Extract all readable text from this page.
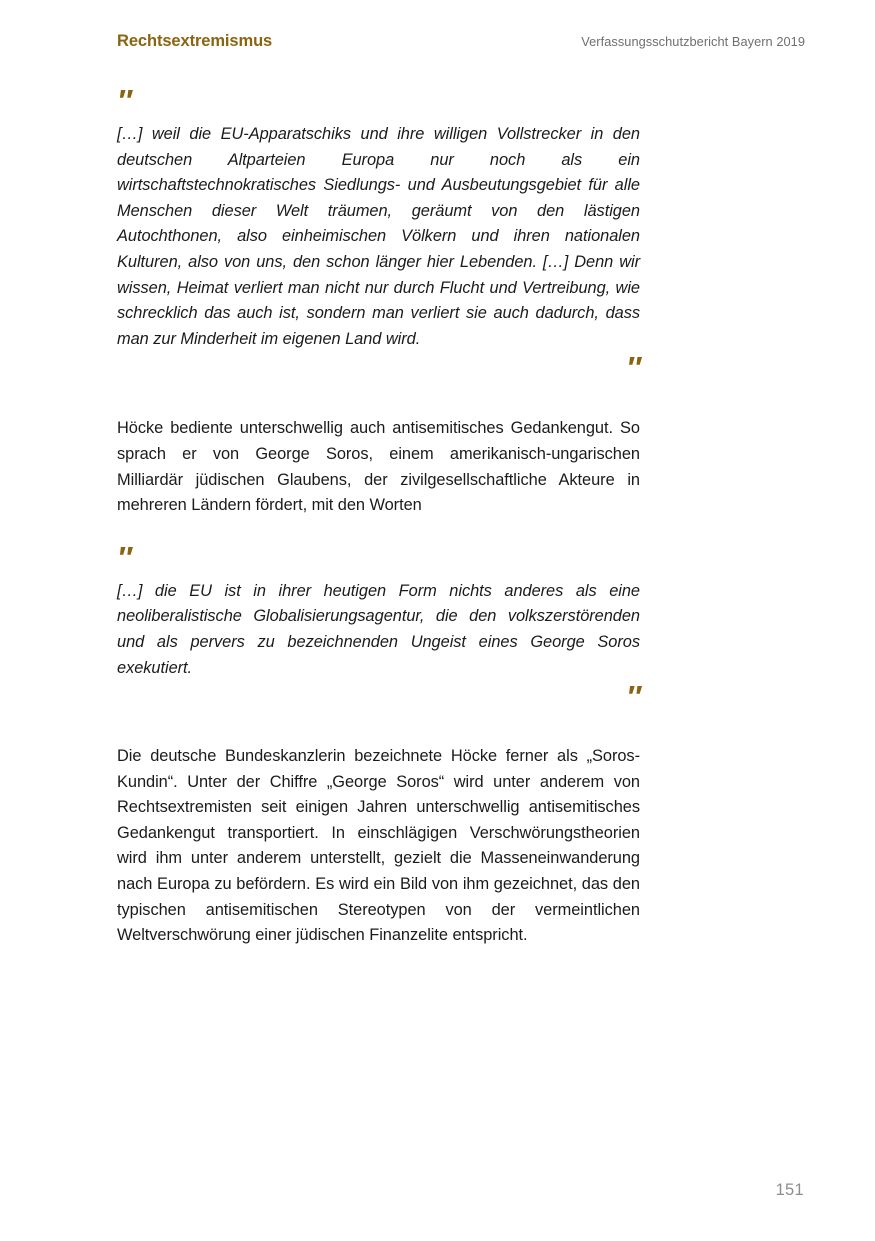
Rechtsextremismus	Verfassungsschutzbericht Bayern 2019
″

[…] weil die EU-Apparatschiks und ihre willigen Vollstrecker in den deutschen Altparteien Europa nur noch als ein wirtschaftstechnokratisches Siedlungs- und Ausbeutungsgebiet für alle Menschen dieser Welt träumen, geräumt von den lästigen Autochthonen, also einheimischen Völkern und ihren nationalen Kulturen, also von uns, den schon länger hier Lebenden. […] Denn wir wissen, Heimat verliert man nicht nur durch Flucht und Vertreibung, wie schrecklich das auch ist, sondern man verliert sie auch dadurch, dass man zur Minderheit im eigenen Land wird.

″

Höcke bediente unterschwellig auch antisemitisches Gedankengut. So sprach er von George Soros, einem amerikanisch-ungarischen Milliardär jüdischen Glaubens, der zivilgesellschaftliche Akteure in mehreren Ländern fördert, mit den Worten

″

[…] die EU ist in ihrer heutigen Form nichts anderes als eine neoliberalistische Globalisierungsagentur, die den volkszerstörenden und als pervers zu bezeichnenden Ungeist eines George Soros exekutiert.

″

Die deutsche Bundeskanzlerin bezeichnete Höcke ferner als „Soros-Kundin“. Unter der Chiffre „George Soros“ wird unter anderem von Rechtsextremisten seit einigen Jahren unterschwellig antisemitisches Gedankengut transportiert. In einschlägigen Verschwörungstheorien wird ihm unter anderem unterstellt, gezielt die Masseneinwanderung nach Europa zu befördern. Es wird ein Bild von ihm gezeichnet, das den typischen antisemitischen Stereotypen von der vermeintlichen Weltverschwörung einer jüdischen Finanzelite entspricht.

151
